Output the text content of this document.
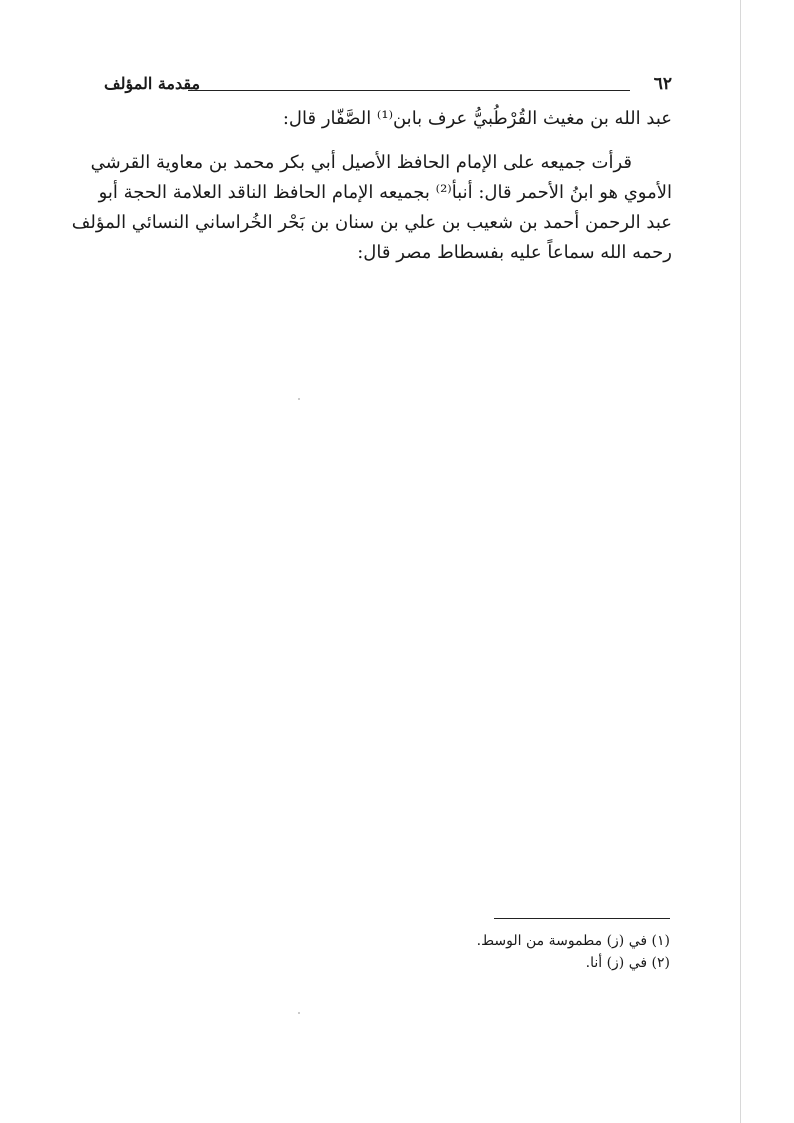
٦٢
مقدمة المؤلف
عبد الله بن مغيث القُرْطُبيُّ عرف بابن⁽¹⁾ الصَّفّار قال:
قرأت جميعه على الإمام الحافظ الأصيل أبي بكر محمد بن معاوية القرشي
الأموي هو ابنُ الأحمر قال: أنبأ⁽²⁾ بجميعه الإمام الحافظ الناقد العلامة الحجة أبو
عبد الرحمن أحمد بن شعيب بن علي بن سنان بن بَحْر الخُراساني النسائي المؤلف
رحمه الله سماعاً عليه بفسطاط مصر قال:
(١) في (ز) مطموسة من الوسط.
(٢) في (ز) أنا.
